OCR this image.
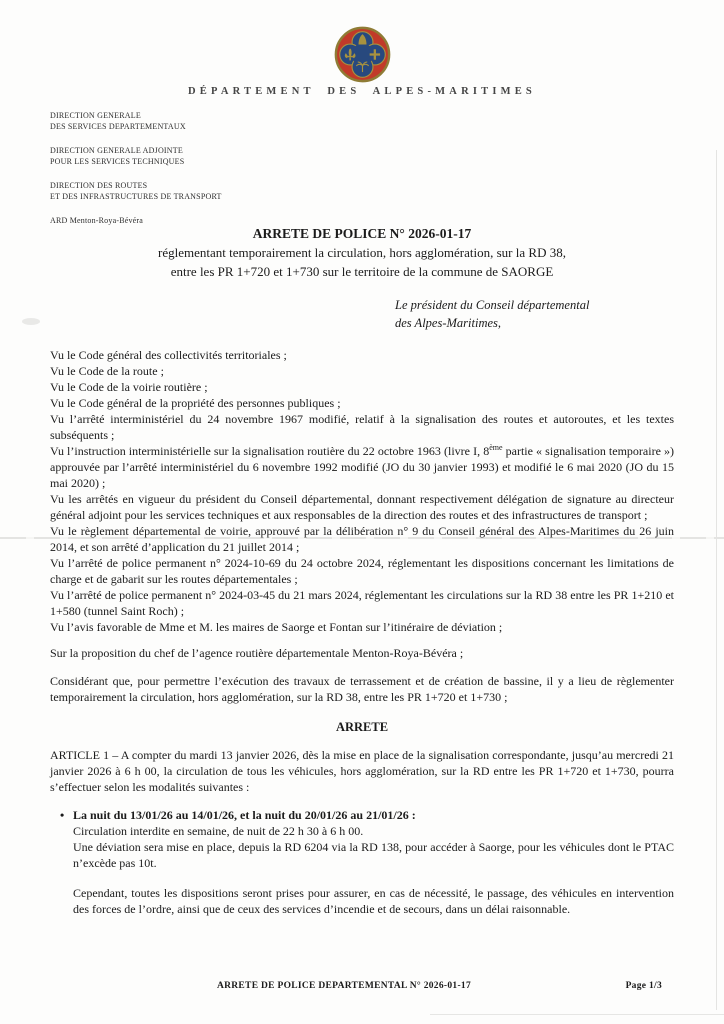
DÉPARTEMENT DES ALPES-MARITIMES
DIRECTION GENERALE
DES SERVICES DEPARTEMENTAUX
DIRECTION GENERALE ADJOINTE
POUR LES SERVICES TECHNIQUES
DIRECTION DES ROUTES
ET DES INFRASTRUCTURES DE TRANSPORT
ARD Menton-Roya-Bévéra
ARRETE DE POLICE N° 2026-01-17
réglementant temporairement la circulation, hors agglomération, sur la RD 38,
entre les PR 1+720 et 1+730 sur le territoire de la commune de SAORGE
Le président du Conseil départemental
des Alpes-Maritimes,

Vu le Code général des collectivités territoriales ;

Vu le Code de la route ;

Vu le Code de la voirie routière ;

Vu le Code général de la propriété des personnes publiques ;

Vu l’arrêté interministériel du 24 novembre 1967 modifié, relatif à la signalisation des routes et autoroutes, et les textes subséquents ;

Vu l’instruction interministérielle sur la signalisation routière du 22 octobre 1963 (livre I, 8ème partie « signalisation temporaire ») approuvée par l’arrêté interministériel du 6 novembre 1992 modifié (JO du 30 janvier 1993) et modifié le 6 mai 2020 (JO du 15 mai 2020) ;

Vu les arrêtés en vigueur du président du Conseil départemental, donnant respectivement délégation de signature au directeur général adjoint pour les services techniques et aux responsables de la direction des routes et des infrastructures de transport ;

Vu le règlement départemental de voirie, approuvé par la délibération n° 9 du Conseil général des Alpes-Maritimes du 26 juin 2014, et son arrêté d’application du 21 juillet 2014 ;

Vu l’arrêté de police permanent n° 2024-10-69 du 24 octobre 2024, réglementant les dispositions concernant les limitations de charge et de gabarit sur les routes départementales ;

Vu l’arrêté de police permanent n° 2024-03-45 du 21 mars 2024, réglementant les circulations sur la RD 38 entre les PR 1+210 et 1+580 (tunnel Saint Roch) ;

Vu l’avis favorable de Mme et M. les maires de Saorge et Fontan sur l’itinéraire de déviation ;

Sur la proposition du chef de l’agence routière départementale Menton-Roya-Bévéra ;

Considérant que, pour permettre l’exécution des travaux de terrassement et de création de bassine, il y a lieu de règlementer temporairement la circulation, hors agglomération, sur la RD 38, entre les PR 1+720 et 1+730 ;

ARRETE

ARTICLE 1 – A compter du mardi 13 janvier 2026, dès la mise en place de la signalisation correspondante, jusqu’au mercredi 21 janvier 2026 à 6 h 00, la circulation de tous les véhicules, hors agglomération, sur la RD entre les PR 1+720 et 1+730, pourra s’effectuer selon les modalités suivantes :

• La nuit du 13/01/26 au 14/01/26, et la nuit du 20/01/26 au 21/01/26 :

Circulation interdite en semaine, de nuit de 22 h 30 à 6 h 00.

Une déviation sera mise en place, depuis la RD 6204 via la RD 138, pour accéder à Saorge, pour les véhicules dont le PTAC n’excède pas 10t.

Cependant, toutes les dispositions seront prises pour assurer, en cas de nécessité, le passage, des véhicules en intervention des forces de l’ordre, ainsi que de ceux des services d’incendie et de secours, dans un délai raisonnable.

ARRETE DE POLICE DEPARTEMENTAL N° 2026-01-17	Page 1/3
